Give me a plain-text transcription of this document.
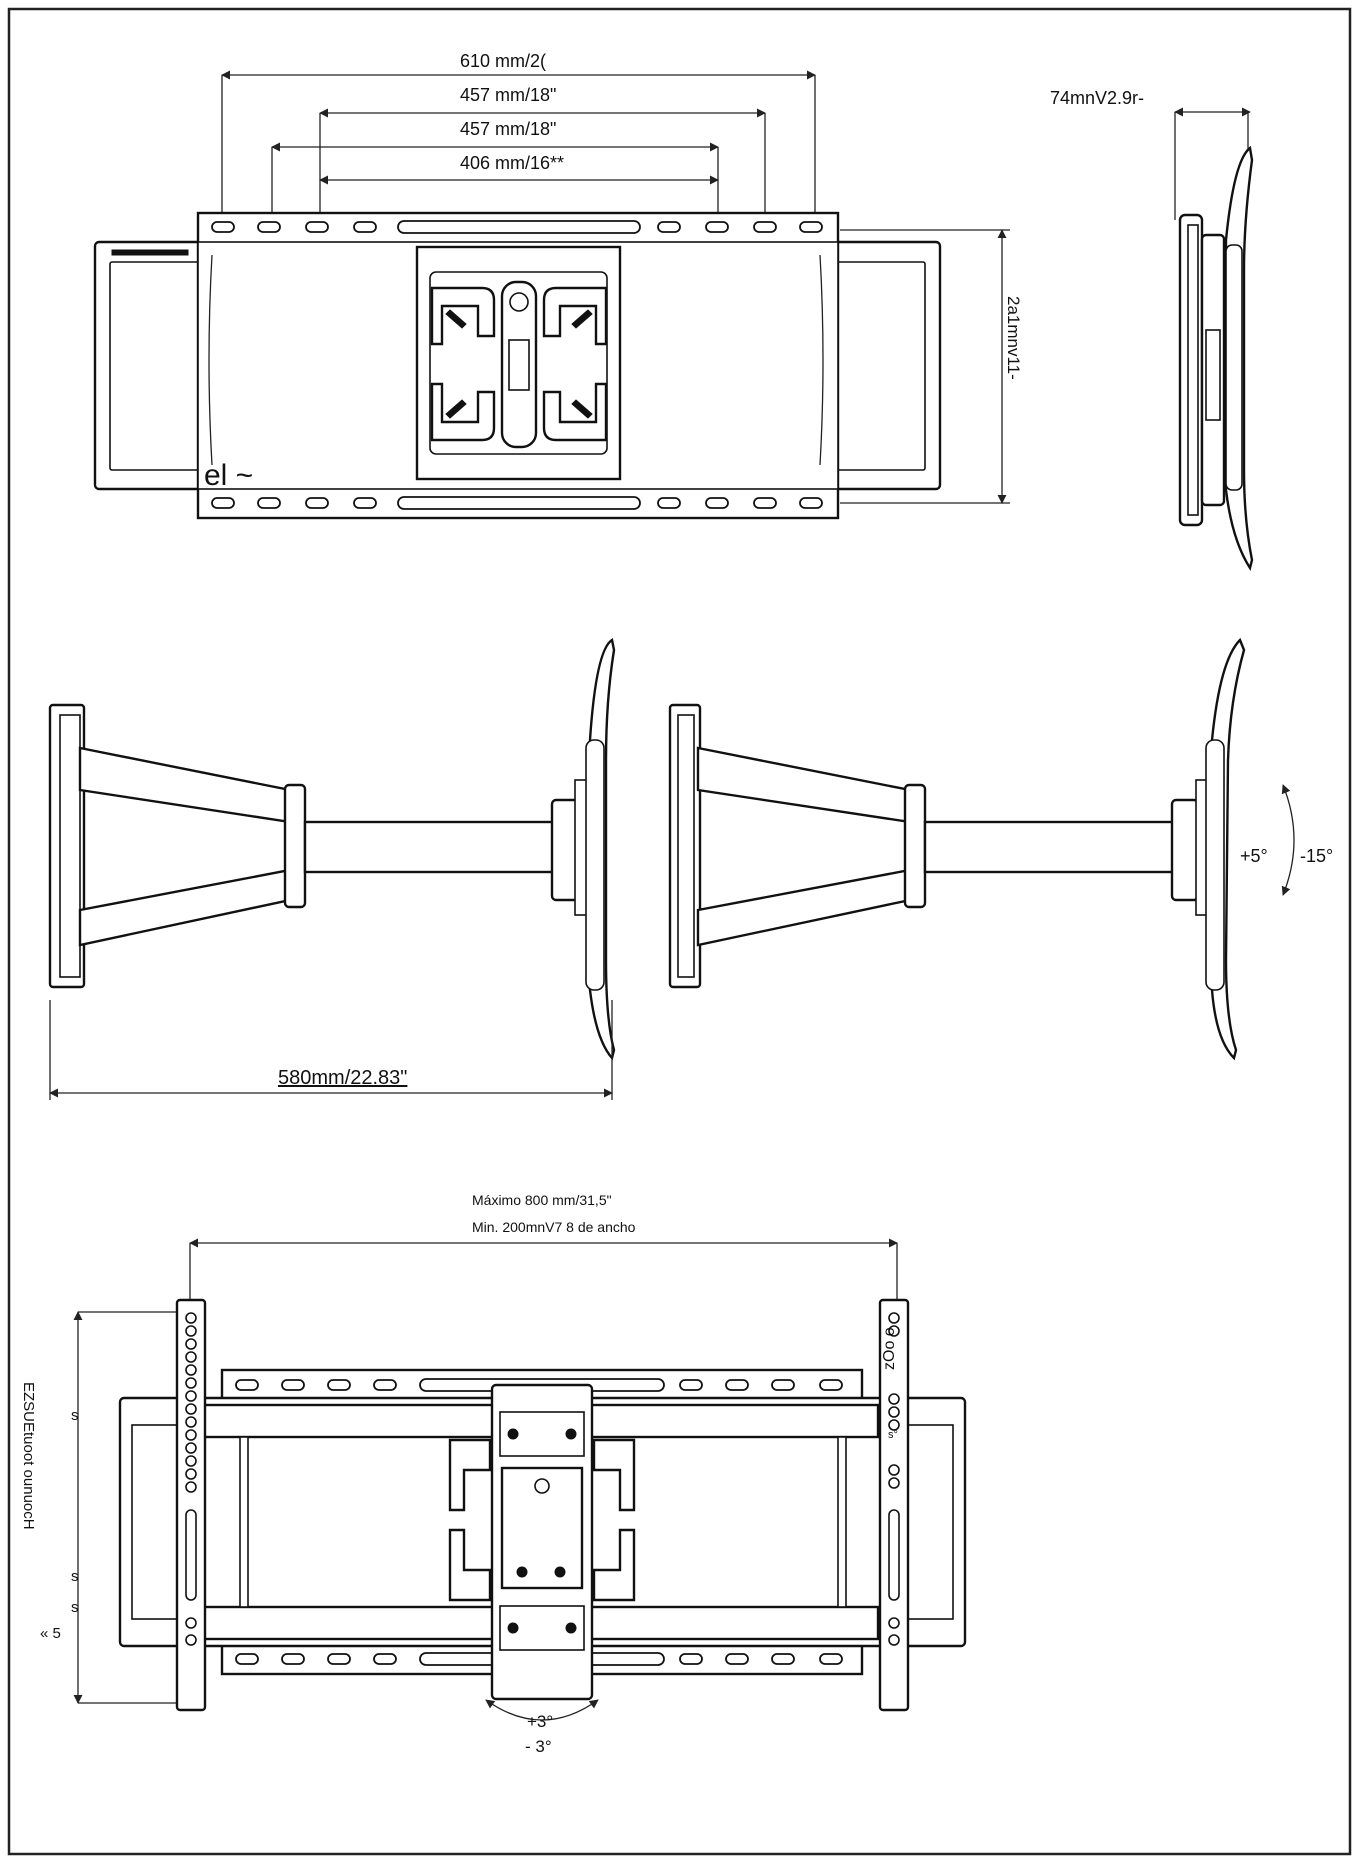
610 mm/2(
457 mm/18"
457 mm/18"
406 mm/16**
2a1mnv11-
el ~
74mnV2.9r-
580mm/22.83"
+5° -15°
Máximo 800 mm/31,5"
Min. 200mnV7 8 de ancho
ΕΖSUEtuoot ounuocH s
s
s
« 5
zOo o
s°
+3°
- 3°
